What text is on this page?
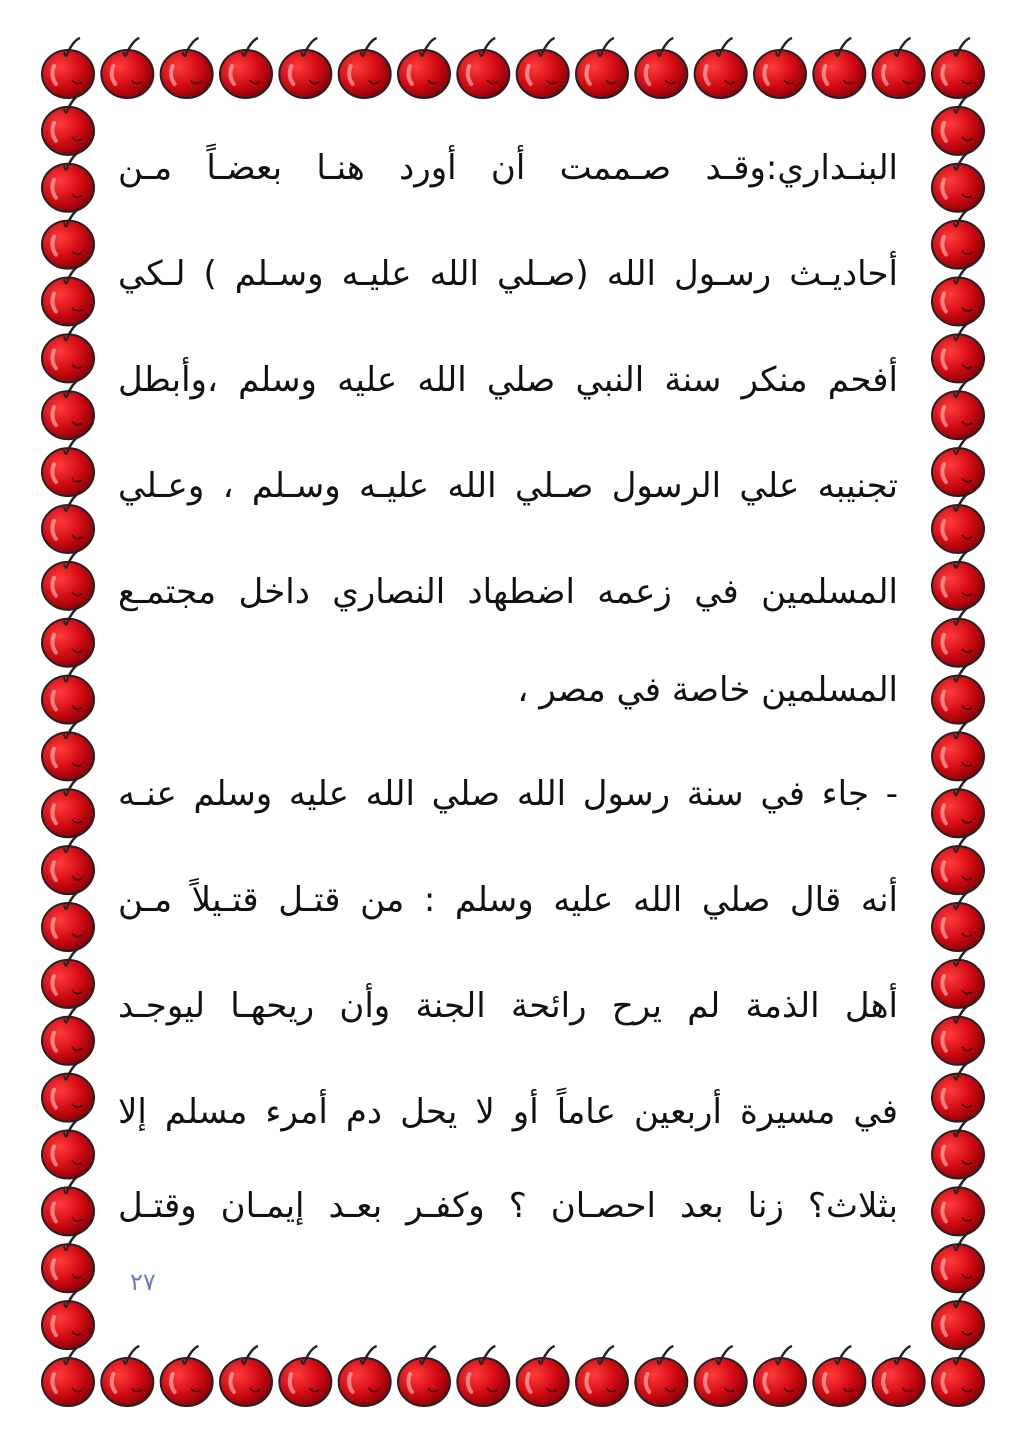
البنـداري:وقـد صـممت أن أورد هنـا بعضـاً مـن
أحاديـث رسـول الله (صـلي الله عليـه وسـلم ) لـكي
أفحم منكر سنة النبي صلي الله عليه وسلم ،وأبطل
تجنيبه علي الرسول صـلي الله عليـه وسـلم ، وعـلي
المسلمين في زعمه اضطهاد النصاري داخل مجتمـع
المسلمين خاصة في مصر ،
- جاء في سنة رسول الله صلي الله عليه وسلم عنـه
أنه قال صلي الله عليه وسلم : من قتـل قتـيلاً مـن
أهل الذمة لم يرح رائحة الجنة وأن ريحهـا ليوجـد
في مسيرة أربعين عاماً أو لا يحل دم أمرء مسلم إلا
بثلاث؟ زنا بعد احصـان ؟ وكفـر بعـد إيمـان وقتـل
٢٧
